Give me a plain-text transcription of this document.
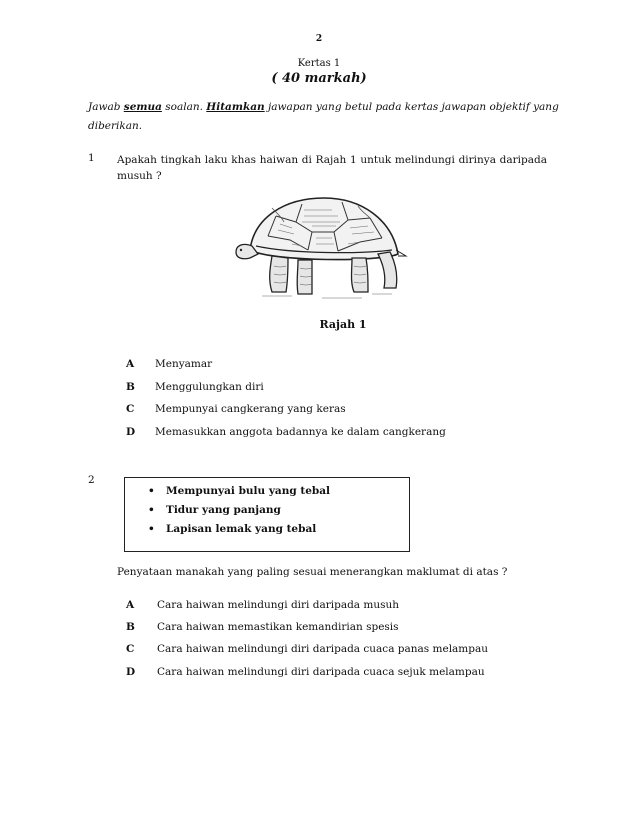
2
Kertas 1
( 40 markah)
Jawab semua soalan. Hitamkan jawapan yang betul pada kertas jawapan objektif yang
diberikan.
1 Apakah tingkah laku khas haiwan di Rajah 1 untuk melindungi dirinya daripada musuh ?
Rajah 1
A Menyamar
B Menggulungkan diri
C Mempunyai cangkerang yang keras
D Memasukkan anggota badannya ke dalam cangkerang
2
• Mempunyai bulu yang tebal
• Tidur yang panjang
• Lapisan lemak yang tebal
Penyataan manakah yang paling sesuai menerangkan maklumat di atas ?
A Cara haiwan melindungi diri daripada musuh
B Cara haiwan memastikan kemandirian spesis
C Cara haiwan melindungi diri daripada cuaca panas melampau
D Cara haiwan melindungi diri daripada cuaca sejuk melampau
